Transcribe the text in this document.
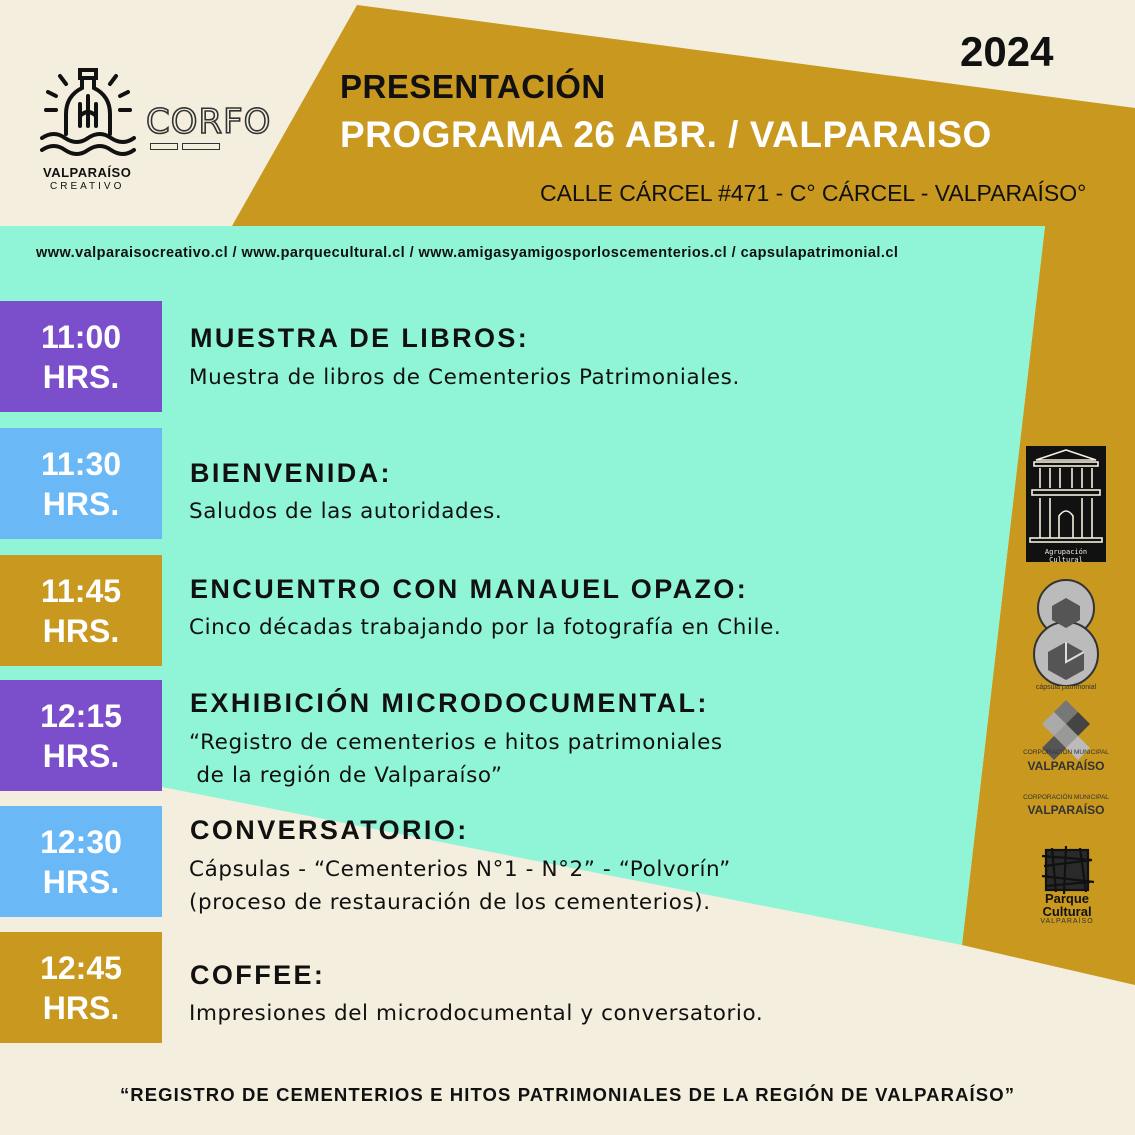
2024
PRESENTACIÓN
PROGRAMA 26 ABR. / VALPARAISO
CALLE CÁRCEL #471 - C° CÁRCEL - VALPARAÍSO°
www.valparaisocreativo.cl / www.parquecultural.cl / www.amigasyamigosporloscementerios.cl / capsulapatrimonial.cl
VALPARAÍSO
CREATIVO
CORFO
11:00
HRS.
MUESTRA DE LIBROS:
Muestra de libros de Cementerios Patrimoniales.
11:30
HRS.
BIENVENIDA:
Saludos de las autoridades.
11:45
HRS.
ENCUENTRO CON MANAUEL OPAZO:
Cinco décadas trabajando por la fotografía en Chile.
12:15
HRS.
EXHIBICIÓN MICRODOCUMENTAL:
“Registro de cementerios e hitos patrimoniales
de la región de Valparaíso”
12:30
HRS.
CONVERSATORIO:
Cápsulas - “Cementerios N°1 - N°2” - “Polvorín”
(proceso de restauración de los cementerios).
12:45
HRS.
COFFEE:
Impresiones del microdocumental y conversatorio.
Agrupación Cultural
cápsula patrimonial
CORPORACIÓN MUNICIPAL
VALPARAÍSO
CORPORACIÓN MUNICIPAL
VALPARAÍSO
Parque
Cultural
VALPARAÍSO
“REGISTRO DE CEMENTERIOS E HITOS PATRIMONIALES DE LA REGIÓN DE VALPARAÍSO”
